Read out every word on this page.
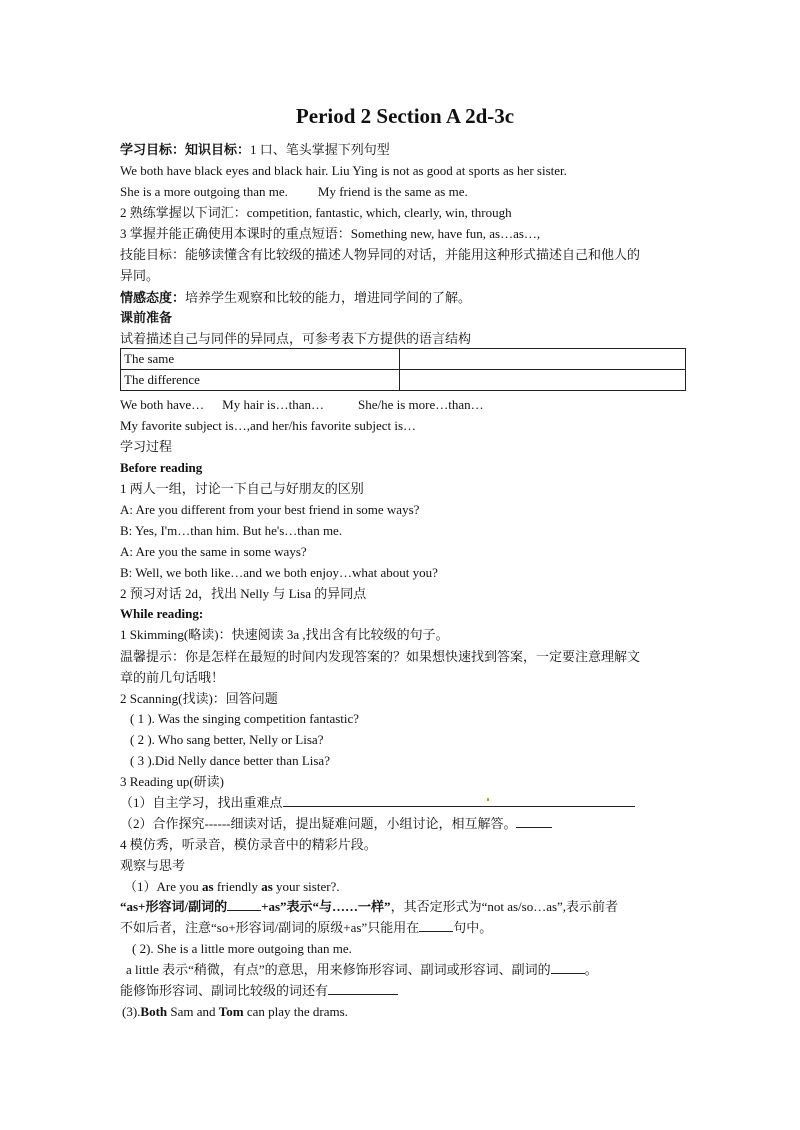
Period 2 Section A 2d-3c
学习目标：知识目标：1 口、笔头掌握下列句型
We both have black eyes and black hair. Liu Ying is not as good at sports as her sister.
She is a more outgoing than me. My friend is the same as me.
2 熟练掌握以下词汇：competition, fantastic, which, clearly, win, through
3 掌握并能正确使用本课时的重点短语：Something new, have fun, as…as…,
技能目标：能够读懂含有比较级的描述人物异同的对话，并能用这种形式描述自己和他人的
异同。
情感态度：培养学生观察和比较的能力，增进同学间的了解。
课前准备
试着描述自己与同伴的异同点，可参考表下方提供的语言结构
The same	
The difference	
We both have… My hair is…than…	She/he is more…than…
My favorite subject is…,and her/his favorite subject is…
学习过程
Before reading
1 两人一组，讨论一下自己与好朋友的区别
A: Are you different from your best friend in some ways?
B: Yes, I'm…than him. But he's…than me.
A: Are you the same in some ways?
B: Well, we both like…and we both enjoy…what about you?
2 预习对话 2d，找出 Nelly 与 Lisa 的异同点
While reading:
1 Skimming(略读)：快速阅读 3a ,找出含有比较级的句子。
温馨提示：你是怎样在最短的时间内发现答案的？如果想快速找到答案，一定要注意理解文
章的前几句话哦！
2 Scanning(找读)：回答问题
( 1 ). Was the singing competition fantastic?
( 2 ). Who sang better, Nelly or Lisa?
( 3 ).Did Nelly dance better than Lisa?
3 Reading up(研读)
（1）自主学习，找出重难点
（2）合作探究------细读对话，提出疑难问题，小组讨论，相互解答。
4 模仿秀，听录音，模仿录音中的精彩片段。
观察与思考
（1）Are you as friendly as your sister?.
“as+形容词/副词的	+as”表示“与……一样”，其否定形式为“not as/so…as”,表示前者
不如后者，注意“so+形容词/副词的原级+as”只能用在	句中。
( 2). She is a little more outgoing than me.
a little 表示“稍微，有点”的意思，用来修饰形容词、副词或形容词、副词的	。
能修饰形容词、副词比较级的词还有
(3).Both Sam and Tom can play the drams.
